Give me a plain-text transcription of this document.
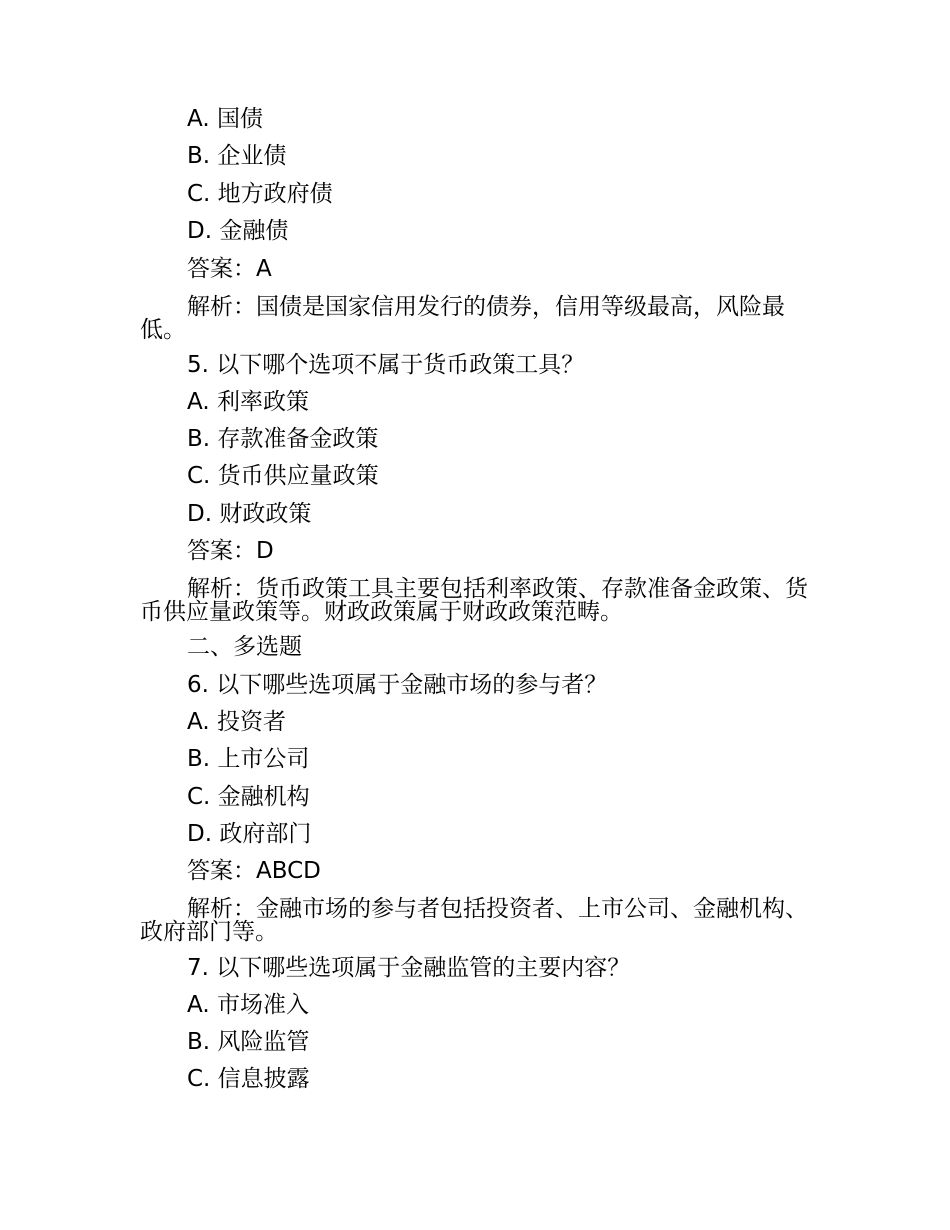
A. 国债
B. 企业债
C. 地方政府债
D. 金融债
答案：A
解析：国债是国家信用发行的债券，信用等级最高，风险最低。
5. 以下哪个选项不属于货币政策工具？
A. 利率政策
B. 存款准备金政策
C. 货币供应量政策
D. 财政政策
答案：D
解析：货币政策工具主要包括利率政策、存款准备金政策、货币供应量政策等。财政政策属于财政政策范畴。
二、多选题
6. 以下哪些选项属于金融市场的参与者？
A. 投资者
B. 上市公司
C. 金融机构
D. 政府部门
答案：ABCD
解析：金融市场的参与者包括投资者、上市公司、金融机构、政府部门等。
7. 以下哪些选项属于金融监管的主要内容？
A. 市场准入
B. 风险监管
C. 信息披露
